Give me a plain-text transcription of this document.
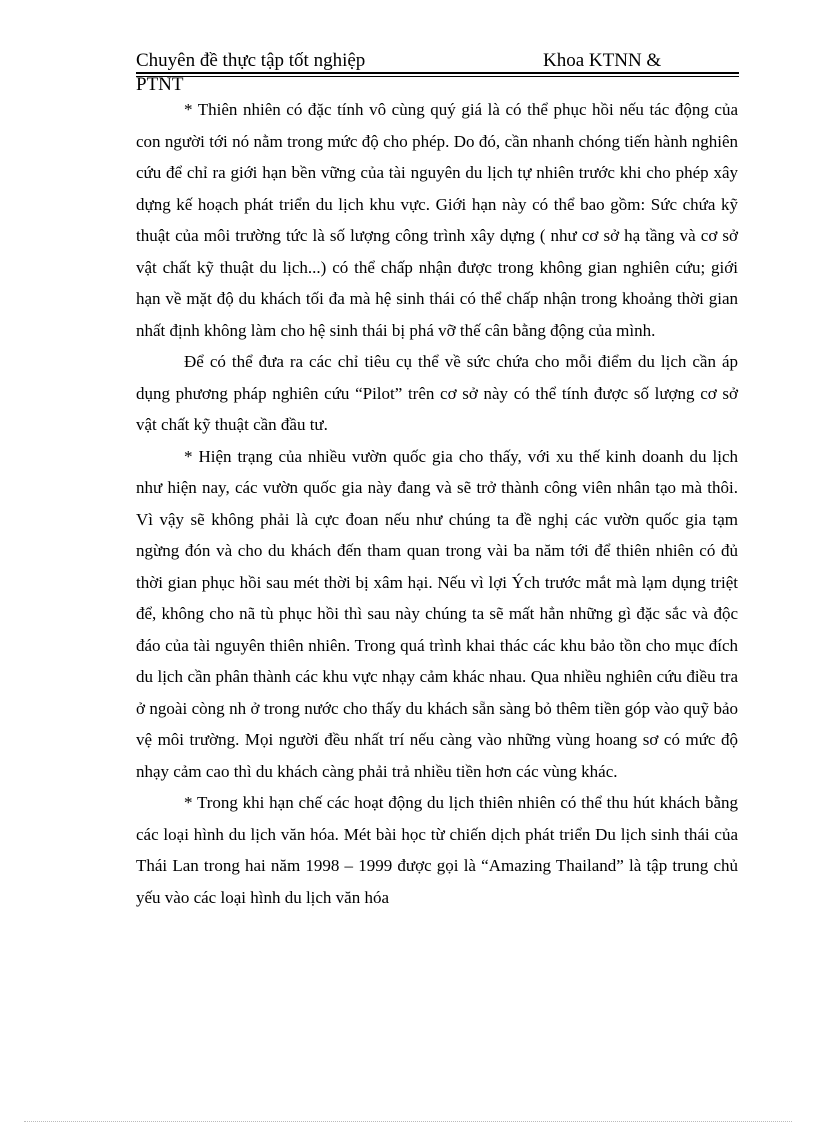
Chuyên đề thực tập tốt nghiệp	Khoa KTNN &
PTNT

* Thiên nhiên có đặc tính vô cùng quý giá là có thể phục hồi nếu tác động của con người tới nó nằm trong mức độ cho phép. Do đó, cần nhanh chóng tiến hành nghiên cứu để chỉ ra giới hạn bền vững của tài nguyên du lịch tự nhiên trước khi cho phép xây dựng kế hoạch phát triển du lịch khu vực. Giới hạn này có thể bao gồm: Sức chứa kỹ thuật của môi trường tức là số lượng công trình xây dựng ( như cơ sở hạ tầng và cơ sở vật chất kỹ thuật du lịch...) có thể chấp nhận được trong không gian nghiên cứu; giới hạn về mặt độ du khách tối đa mà hệ sinh thái có thể chấp nhận trong khoảng thời gian nhất định không làm cho hệ sinh thái bị phá vỡ thế cân bằng động của mình.

Để có thể đưa ra các chỉ tiêu cụ thể về sức chứa cho mỗi điểm du lịch cần áp dụng phương pháp nghiên cứu “Pilot” trên cơ sở này có thể tính được số lượng cơ sở vật chất kỹ thuật cần đầu tư.

* Hiện trạng của nhiều vườn quốc gia cho thấy, với xu thế kinh doanh du lịch như hiện nay, các vườn quốc gia này đang và sẽ trở thành công viên nhân tạo mà thôi. Vì vậy sẽ không phải là cực đoan nếu như chúng ta đề nghị các vườn quốc gia tạm ngừng đón và cho du khách đến tham quan trong vài ba năm tới để thiên nhiên có đủ thời gian phục hồi sau mét thời bị xâm hại. Nếu vì lợi Ých trước mắt mà lạm dụng triệt để, không cho nã tù phục hồi thì sau này chúng ta sẽ mất hẳn những gì đặc sắc và độc đáo của tài nguyên thiên nhiên. Trong quá trình khai thác các khu bảo tồn cho mục đích du lịch cần phân thành các khu vực nhạy cảm khác nhau. Qua nhiều nghiên cứu điều tra ở ngoài còng nh ở trong nước cho thấy du khách sẵn sàng bỏ thêm tiền góp vào quỹ bảo vệ môi trường. Mọi người đều nhất trí nếu càng vào những vùng hoang sơ có mức độ nhạy cảm cao thì du khách càng phải trả nhiều tiền hơn các vùng khác.

* Trong khi hạn chế các hoạt động du lịch thiên nhiên có thể thu hút khách bằng các loại hình du lịch văn hóa. Mét bài học từ chiến dịch phát triển Du lịch sinh thái của Thái Lan trong hai năm 1998 – 1999 được gọi là “Amazing Thailand” là tập trung chủ yếu vào các loại hình du lịch văn hóa
